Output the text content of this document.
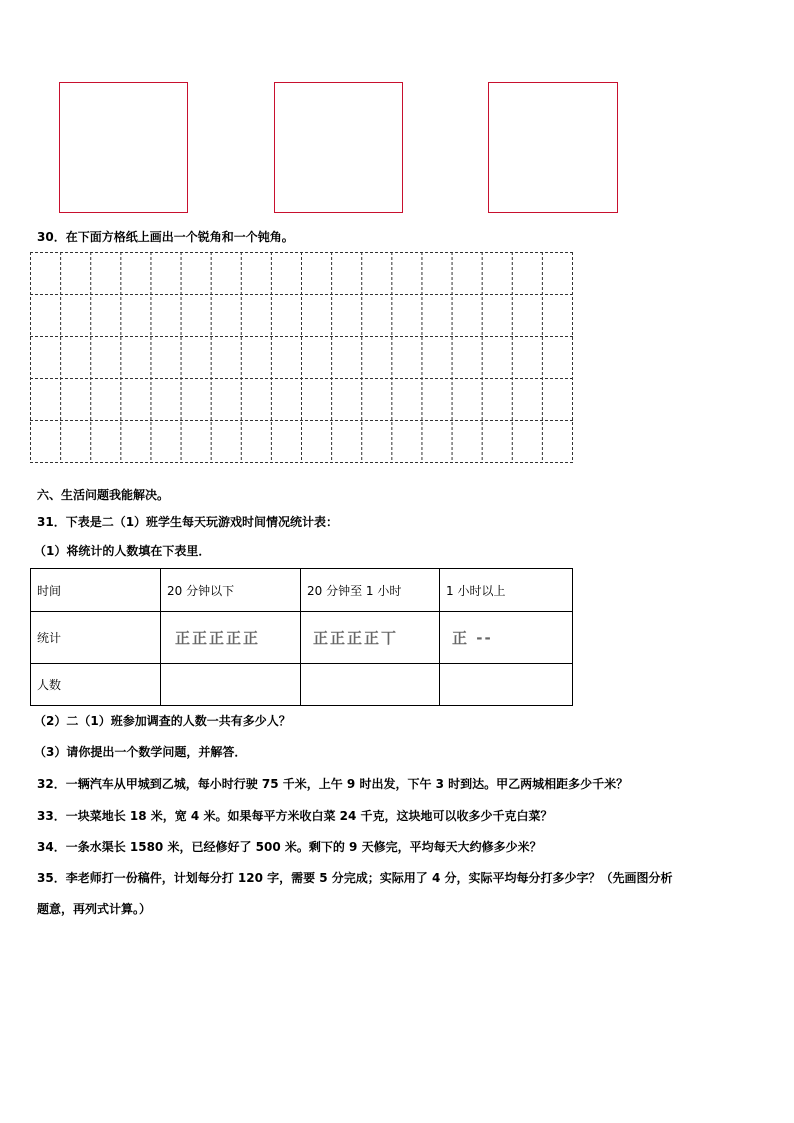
30．在下面方格纸上画出一个锐角和一个钝角。
六、生活问题我能解决。
31．下表是二（1）班学生每天玩游戏时间情况统计表：
（1）将统计的人数填在下表里．
时间	20 分钟以下	20 分钟至 1 小时	1 小时以上
统计	正正正正正	正正正正丅	正 --
人数			
（2）二（1）班参加调查的人数一共有多少人？
（3）请你提出一个数学问题，并解答．
32．一辆汽车从甲城到乙城，每小时行驶 75 千米，上午 9 时出发，下午 3 时到达。甲乙两城相距多少千米？
33．一块菜地长 18 米，宽 4 米。如果每平方米收白菜 24 千克，这块地可以收多少千克白菜？
34．一条水渠长 1580 米，已经修好了 500 米。剩下的 9 天修完，平均每天大约修多少米？
35．李老师打一份稿件，计划每分打 120 字，需要 5 分完成；实际用了 4 分，实际平均每分打多少字？（先画图分析
题意，再列式计算。）
